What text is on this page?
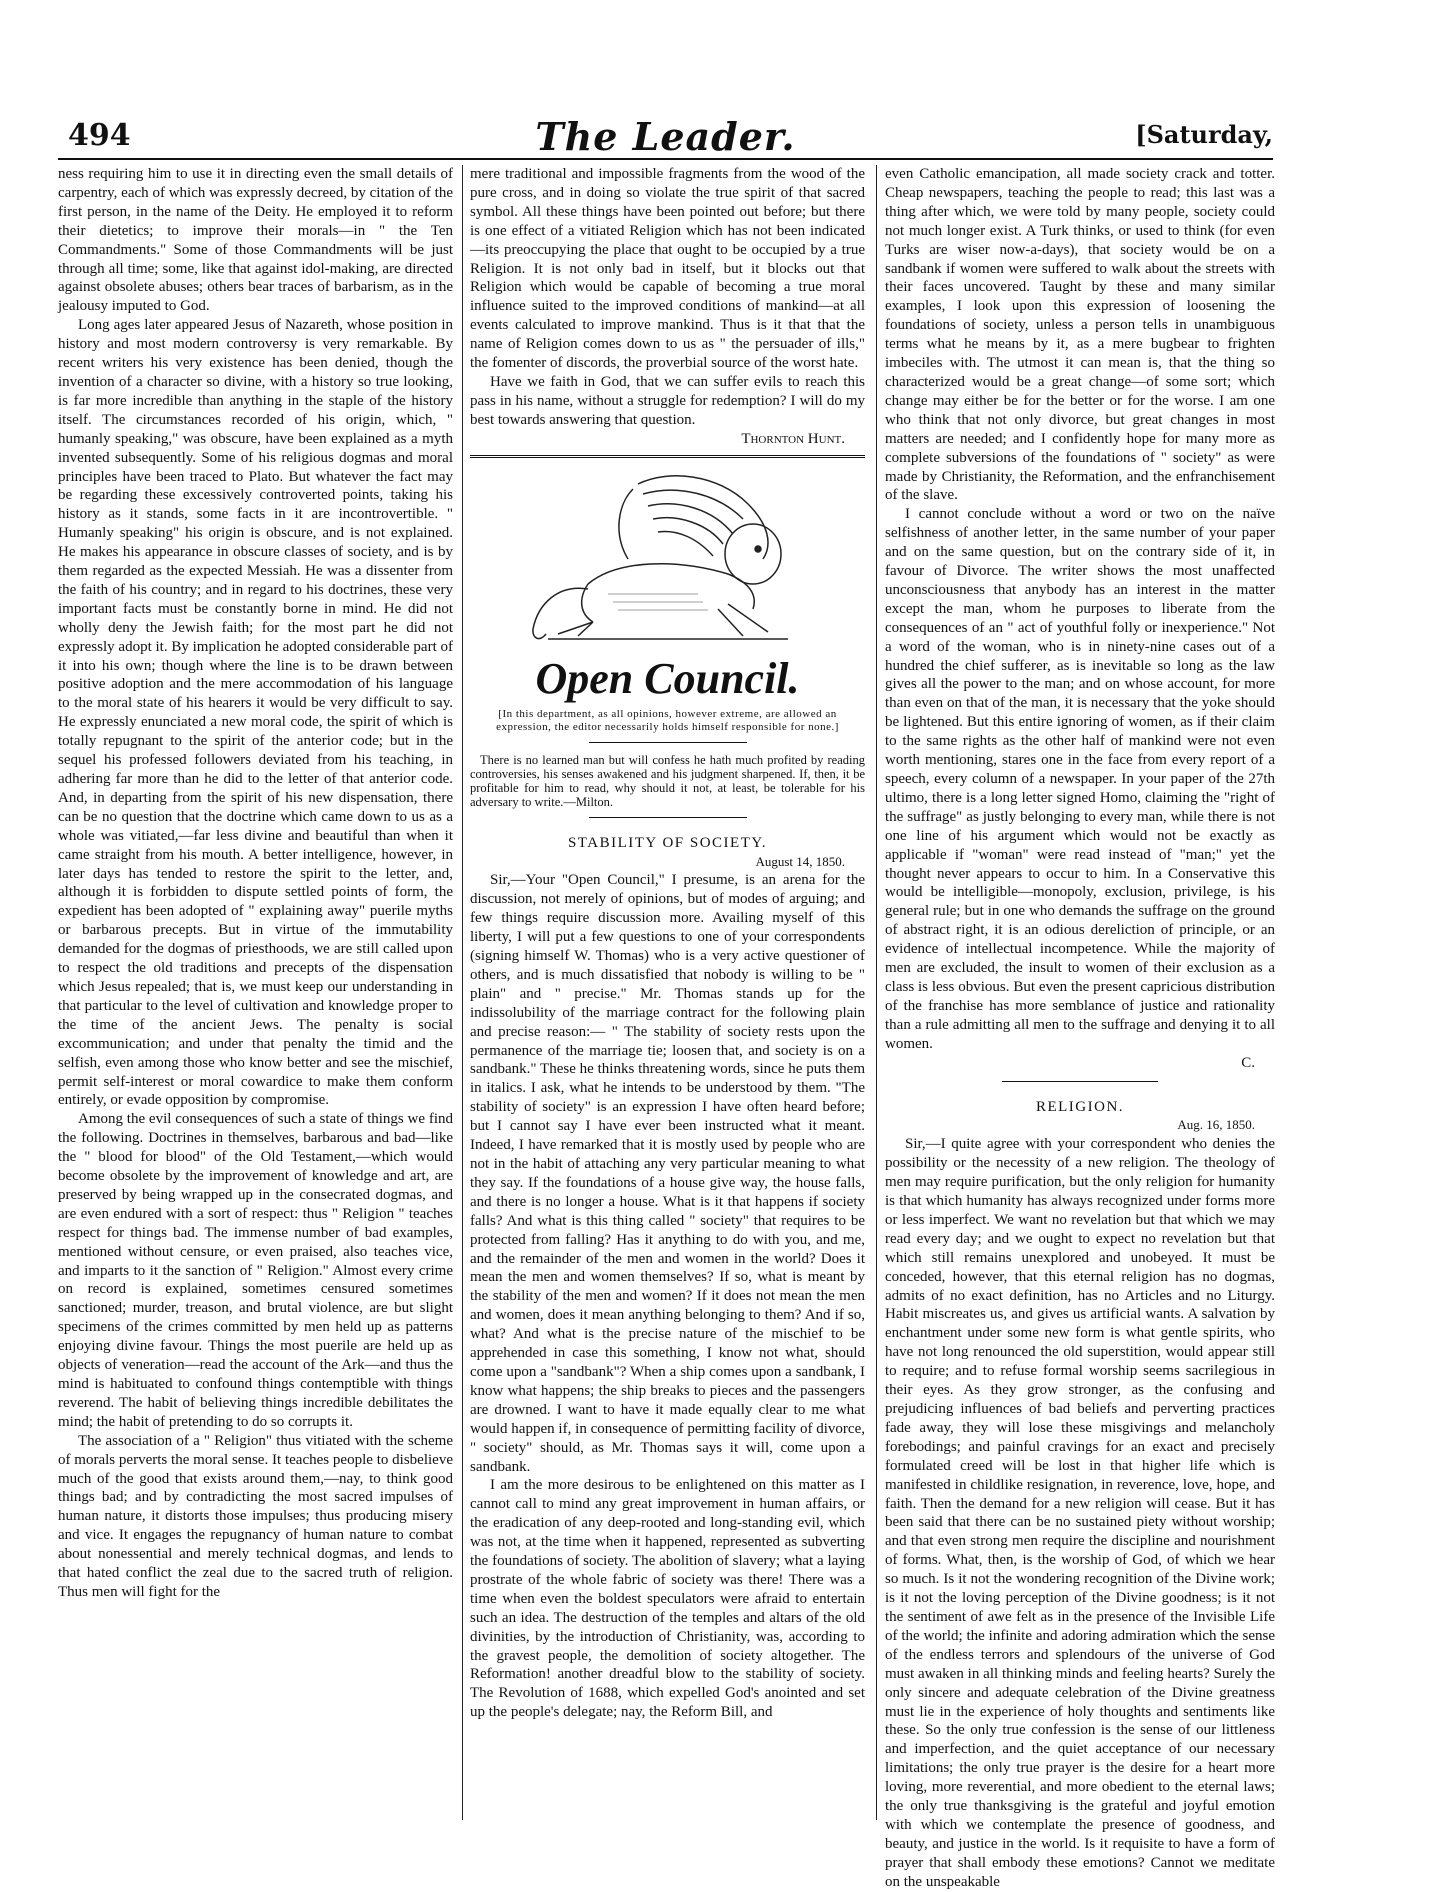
494	The Leader.	[Saturday,

ness requiring him to use it in directing even the small details of carpentry, each of which was expressly decreed, by citation of the first person, in the name of the Deity. He employed it to reform their dietetics; to improve their morals—in " the Ten Commandments." Some of those Commandments will be just through all time; some, like that against idol-making, are directed against obsolete abuses; others bear traces of barbarism, as in the jealousy imputed to God.

Long ages later appeared Jesus of Nazareth, whose position in history and most modern controversy is very remarkable. By recent writers his very existence has been denied, though the invention of a character so divine, with a history so true looking, is far more incredible than anything in the staple of the history itself. The circumstances recorded of his origin, which, " humanly speaking," was obscure, have been explained as a myth invented subsequently. Some of his religious dogmas and moral principles have been traced to Plato. But whatever the fact may be regarding these excessively controverted points, taking his history as it stands, some facts in it are incontrovertible. " Humanly speaking" his origin is obscure, and is not explained. He makes his appearance in obscure classes of society, and is by them regarded as the expected Messiah. He was a dissenter from the faith of his country; and in regard to his doctrines, these very important facts must be constantly borne in mind. He did not wholly deny the Jewish faith; for the most part he did not expressly adopt it. By implication he adopted considerable part of it into his own; though where the line is to be drawn between positive adoption and the mere accommodation of his language to the moral state of his hearers it would be very difficult to say. He expressly enunciated a new moral code, the spirit of which is totally repugnant to the spirit of the anterior code; but in the sequel his professed followers deviated from his teaching, in adhering far more than he did to the letter of that anterior code. And, in departing from the spirit of his new dispensation, there can be no question that the doctrine which came down to us as a whole was vitiated,—far less divine and beautiful than when it came straight from his mouth. A better intelligence, however, in later days has tended to restore the spirit to the letter, and, although it is forbidden to dispute settled points of form, the expedient has been adopted of " explaining away" puerile myths or barbarous precepts. But in virtue of the immutability demanded for the dogmas of priesthoods, we are still called upon to respect the old traditions and precepts of the dispensation which Jesus repealed; that is, we must keep our understanding in that particular to the level of cultivation and knowledge proper to the time of the ancient Jews. The penalty is social excommunication; and under that penalty the timid and the selfish, even among those who know better and see the mischief, permit self-interest or moral cowardice to make them conform entirely, or evade opposition by compromise.

Among the evil consequences of such a state of things we find the following. Doctrines in themselves, barbarous and bad—like the " blood for blood" of the Old Testament,—which would become obsolete by the improvement of knowledge and art, are preserved by being wrapped up in the consecrated dogmas, and are even endured with a sort of respect: thus " Religion " teaches respect for things bad. The immense number of bad examples, mentioned without censure, or even praised, also teaches vice, and imparts to it the sanction of " Religion." Almost every crime on record is explained, sometimes censured sometimes sanctioned; murder, treason, and brutal violence, are but slight specimens of the crimes committed by men held up as patterns enjoying divine favour. Things the most puerile are held up as objects of veneration—read the account of the Ark—and thus the mind is habituated to confound things contemptible with things reverend. The habit of believing things incredible debilitates the mind; the habit of pretending to do so corrupts it.

The association of a " Religion" thus vitiated with the scheme of morals perverts the moral sense. It teaches people to disbelieve much of the good that exists around them,—nay, to think good things bad; and by contradicting the most sacred impulses of human nature, it distorts those impulses; thus producing misery and vice. It engages the repugnancy of human nature to combat about nonessential and merely technical dogmas, and lends to that hated conflict the zeal due to the sacred truth of religion. Thus men will fight for the

mere traditional and impossible fragments from the wood of the pure cross, and in doing so violate the true spirit of that sacred symbol. All these things have been pointed out before; but there is one effect of a vitiated Religion which has not been indicated—its preoccupying the place that ought to be occupied by a true Religion. It is not only bad in itself, but it blocks out that Religion which would be capable of becoming a true moral influence suited to the improved conditions of mankind—at all events calculated to improve mankind. Thus is it that that the name of Religion comes down to us as " the persuader of ills," the fomenter of discords, the proverbial source of the worst hate.

Have we faith in God, that we can suffer evils to reach this pass in his name, without a struggle for redemption? I will do my best towards answering that question.

Thornton Hunt.
Open Council.
[In this department, as all opinions, however extreme, are allowed an expression, the editor necessarily holds himself responsible for none.]

There is no learned man but will confess he hath much profited by reading controversies, his senses awakened and his judgment sharpened. If, then, it be profitable for him to read, why should it not, at least, be tolerable for his adversary to write.—Milton.

STABILITY OF SOCIETY.
August 14, 1850.

Sir,—Your "Open Council," I presume, is an arena for the discussion, not merely of opinions, but of modes of arguing; and few things require discussion more. Availing myself of this liberty, I will put a few questions to one of your correspondents (signing himself W. Thomas) who is a very active questioner of others, and is much dissatisfied that nobody is willing to be " plain" and " precise." Mr. Thomas stands up for the indissolubility of the marriage contract for the following plain and precise reason:— " The stability of society rests upon the permanence of the marriage tie; loosen that, and society is on a sandbank." These he thinks threatening words, since he puts them in italics. I ask, what he intends to be understood by them. "The stability of society" is an expression I have often heard before; but I cannot say I have ever been instructed what it meant. Indeed, I have remarked that it is mostly used by people who are not in the habit of attaching any very particular meaning to what they say. If the foundations of a house give way, the house falls, and there is no longer a house. What is it that happens if society falls? And what is this thing called " society" that requires to be protected from falling? Has it anything to do with you, and me, and the remainder of the men and women in the world? Does it mean the men and women themselves? If so, what is meant by the stability of the men and women? If it does not mean the men and women, does it mean anything belonging to them? And if so, what? And what is the precise nature of the mischief to be apprehended in case this something, I know not what, should come upon a "sandbank"? When a ship comes upon a sandbank, I know what happens; the ship breaks to pieces and the passengers are drowned. I want to have it made equally clear to me what would happen if, in consequence of permitting facility of divorce, " society" should, as Mr. Thomas says it will, come upon a sandbank.

I am the more desirous to be enlightened on this matter as I cannot call to mind any great improvement in human affairs, or the eradication of any deep-rooted and long-standing evil, which was not, at the time when it happened, represented as subverting the foundations of society. The abolition of slavery; what a laying prostrate of the whole fabric of society was there! There was a time when even the boldest speculators were afraid to entertain such an idea. The destruction of the temples and altars of the old divinities, by the introduction of Christianity, was, according to the gravest people, the demolition of society altogether. The Reformation! another dreadful blow to the stability of society. The Revolution of 1688, which expelled God's anointed and set up the people's delegate; nay, the Reform Bill, and

even Catholic emancipation, all made society crack and totter. Cheap newspapers, teaching the people to read; this last was a thing after which, we were told by many people, society could not much longer exist. A Turk thinks, or used to think (for even Turks are wiser now-a-days), that society would be on a sandbank if women were suffered to walk about the streets with their faces uncovered. Taught by these and many similar examples, I look upon this expression of loosening the foundations of society, unless a person tells in unambiguous terms what he means by it, as a mere bugbear to frighten imbeciles with. The utmost it can mean is, that the thing so characterized would be a great change—of some sort; which change may either be for the better or for the worse. I am one who think that not only divorce, but great changes in most matters are needed; and I confidently hope for many more as complete subversions of the foundations of " society" as were made by Christianity, the Reformation, and the enfranchisement of the slave.

I cannot conclude without a word or two on the naïve selfishness of another letter, in the same number of your paper and on the same question, but on the contrary side of it, in favour of Divorce. The writer shows the most unaffected unconsciousness that anybody has an interest in the matter except the man, whom he purposes to liberate from the consequences of an " act of youthful folly or inexperience." Not a word of the woman, who is in ninety-nine cases out of a hundred the chief sufferer, as is inevitable so long as the law gives all the power to the man; and on whose account, for more than even on that of the man, it is necessary that the yoke should be lightened. But this entire ignoring of women, as if their claim to the same rights as the other half of mankind were not even worth mentioning, stares one in the face from every report of a speech, every column of a newspaper. In your paper of the 27th ultimo, there is a long letter signed Homo, claiming the "right of the suffrage" as justly belonging to every man, while there is not one line of his argument which would not be exactly as applicable if "woman" were read instead of "man;" yet the thought never appears to occur to him. In a Conservative this would be intelligible—monopoly, exclusion, privilege, is his general rule; but in one who demands the suffrage on the ground of abstract right, it is an odious dereliction of principle, or an evidence of intellectual incompetence. While the majority of men are excluded, the insult to women of their exclusion as a class is less obvious. But even the present capricious distribution of the franchise has more semblance of justice and rationality than a rule admitting all men to the suffrage and denying it to all women.

C.
RELIGION.
Aug. 16, 1850.

Sir,—I quite agree with your correspondent who denies the possibility or the necessity of a new religion. The theology of men may require purification, but the only religion for humanity is that which humanity has always recognized under forms more or less imperfect. We want no revelation but that which we may read every day; and we ought to expect no revelation but that which still remains unexplored and unobeyed. It must be conceded, however, that this eternal religion has no dogmas, admits of no exact definition, has no Articles and no Liturgy. Habit miscreates us, and gives us artificial wants. A salvation by enchantment under some new form is what gentle spirits, who have not long renounced the old superstition, would appear still to require; and to refuse formal worship seems sacrilegious in their eyes. As they grow stronger, as the confusing and prejudicing influences of bad beliefs and perverting practices fade away, they will lose these misgivings and melancholy forebodings; and painful cravings for an exact and precisely formulated creed will be lost in that higher life which is manifested in childlike resignation, in reverence, love, hope, and faith. Then the demand for a new religion will cease. But it has been said that there can be no sustained piety without worship; and that even strong men require the discipline and nourishment of forms. What, then, is the worship of God, of which we hear so much. Is it not the wondering recognition of the Divine work; is it not the loving perception of the Divine goodness; is it not the sentiment of awe felt as in the presence of the Invisible Life of the world; the infinite and adoring admiration which the sense of the endless terrors and splendours of the universe of God must awaken in all thinking minds and feeling hearts? Surely the only sincere and adequate celebration of the Divine greatness must lie in the experience of holy thoughts and sentiments like these. So the only true confession is the sense of our littleness and imperfection, and the quiet acceptance of our necessary limitations; the only true prayer is the desire for a heart more loving, more reverential, and more obedient to the eternal laws; the only true thanksgiving is the grateful and joyful emotion with which we contemplate the presence of goodness, and beauty, and justice in the world. Is it requisite to have a form of prayer that shall embody these emotions? Cannot we meditate on the unspeakable
